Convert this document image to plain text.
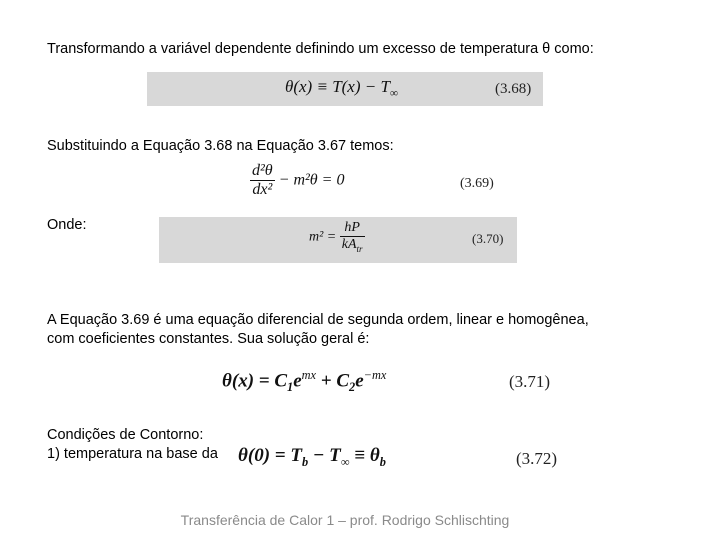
Transformando a variável dependente definindo um excesso de temperatura θ como:
$\theta(x) \equiv T(x) - T_\infty$	(3.68)
Substituindo a Equação 3.68 na Equação 3.67 temos:
$\frac{\text{d²θ}}{\text{dx²}} - m^2\theta = 0$	(3.69)
Onde:
$m^2 = \frac{hP}{kA_{tr}}$	(3.70)
A Equação 3.69 é uma equação diferencial de segunda ordem, linear e homogênea,
com coeficientes constantes. Sua solução geral é:
$\theta(x) = C_1e^{mx} + C_2e^{-mx}$	(3.71)
Condições de Contorno:
1) temperatura na base da $\theta(0) = T_b - T_\infty \equiv \theta_b$	(3.72)
Transferência de Calor 1 – prof. Rodrigo Schlischting
